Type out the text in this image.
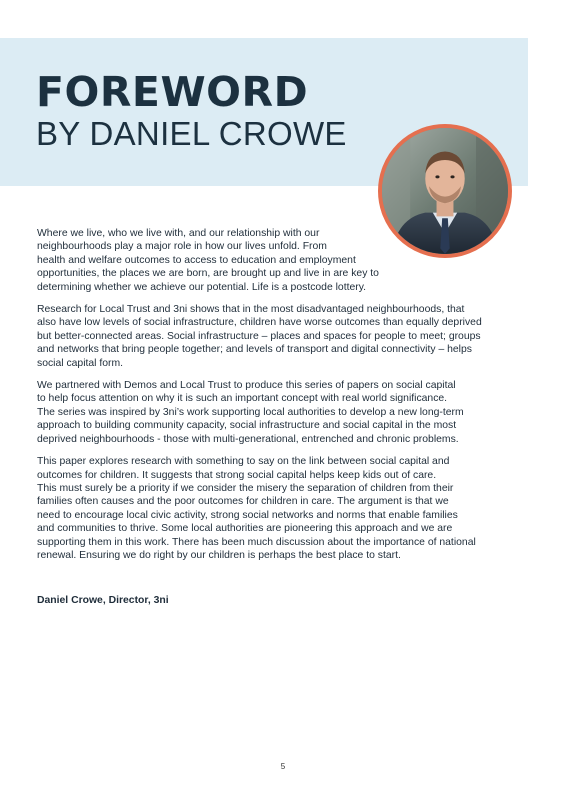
FOREWORD
BY DANIEL CROWE

Where we live, who we live with, and our relationship with our
neighbourhoods play a major role in how our lives unfold. From
health and welfare outcomes to access to education and employment
opportunities, the places we are born, are brought up and live in are key to
determining whether we achieve our potential. Life is a postcode lottery.

Research for Local Trust and 3ni shows that in the most disadvantaged neighbourhoods, that
also have low levels of social infrastructure, children have worse outcomes than equally deprived
but better-connected areas. Social infrastructure – places and spaces for people to meet; groups
and networks that bring people together; and levels of transport and digital connectivity – helps
social capital form.

We partnered with Demos and Local Trust to produce this series of papers on social capital
to help focus attention on why it is such an important concept with real world significance.
The series was inspired by 3ni’s work supporting local authorities to develop a new long-term
approach to building community capacity, social infrastructure and social capital in the most
deprived neighbourhoods - those with multi-generational, entrenched and chronic problems.

This paper explores research with something to say on the link between social capital and
outcomes for children. It suggests that strong social capital helps keep kids out of care.
This must surely be a priority if we consider the misery the separation of children from their
families often causes and the poor outcomes for children in care. The argument is that we
need to encourage local civic activity, strong social networks and norms that enable families
and communities to thrive. Some local authorities are pioneering this approach and we are
supporting them in this work. There has been much discussion about the importance of national
renewal. Ensuring we do right by our children is perhaps the best place to start.

Daniel Crowe, Director, 3ni
5
